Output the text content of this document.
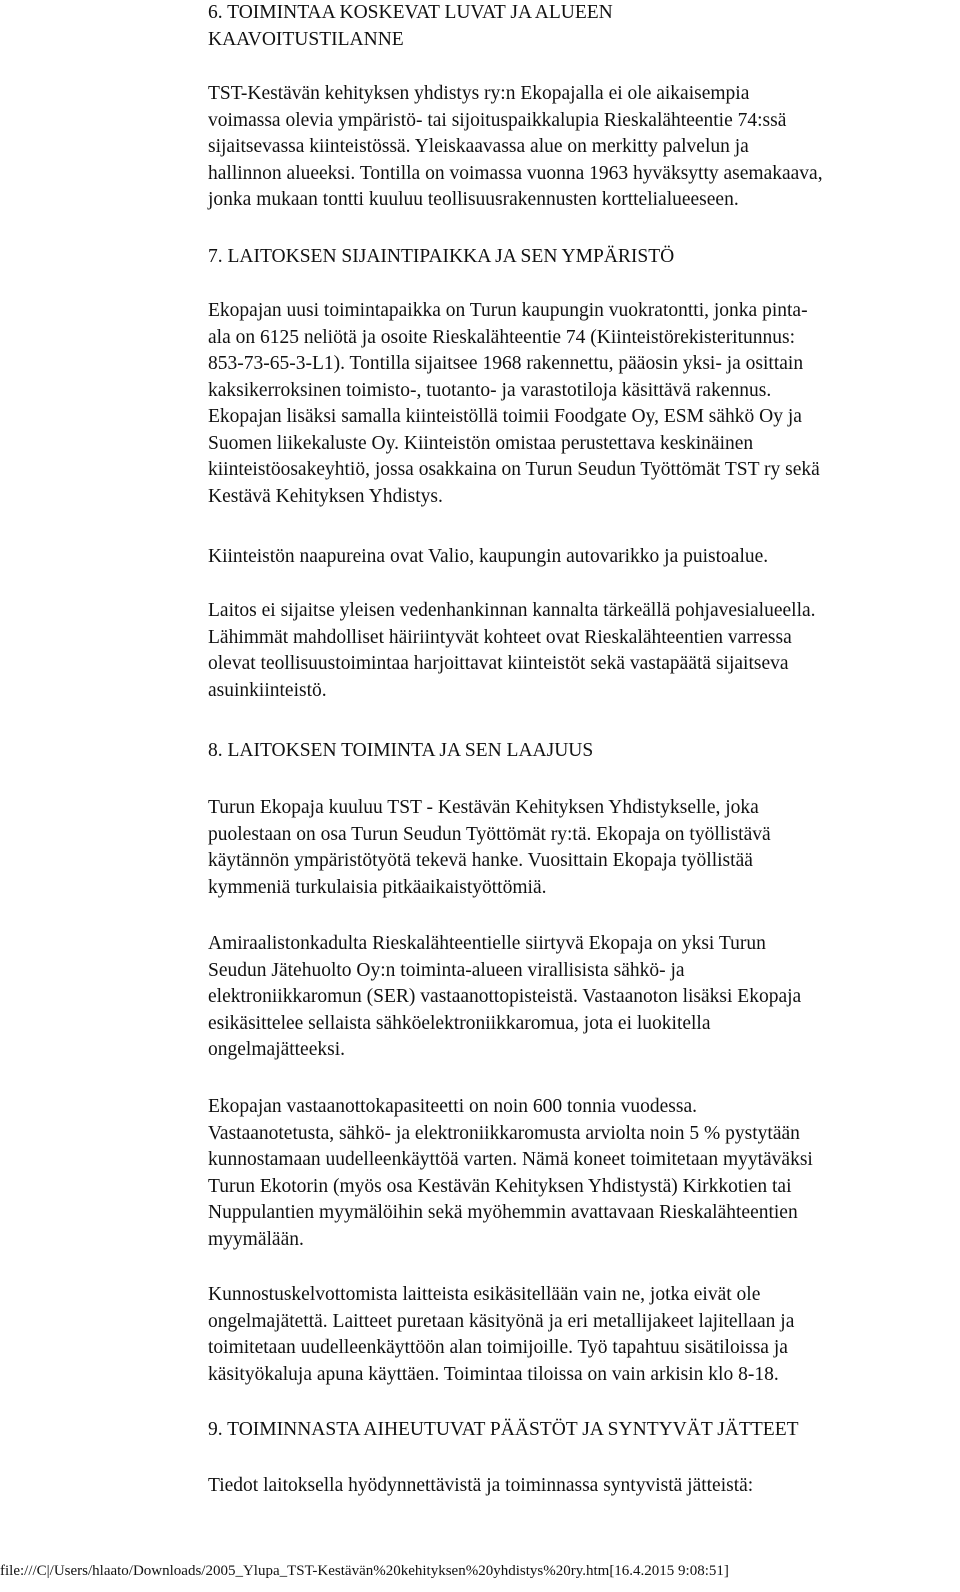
6. TOIMINTAA KOSKEVAT LUVAT JA ALUEEN
KAAVOITUSTILANNE

TST-Kestävän kehityksen yhdistys ry:n Ekopajalla ei ole aikaisempia
voimassa olevia ympäristö- tai sijoituspaikkalupia Rieskalähteentie 74:ssä
sijaitsevassa kiinteistössä. Yleiskaavassa alue on merkitty palvelun ja
hallinnon alueeksi. Tontilla on voimassa vuonna 1963 hyväksytty asemakaava,
jonka mukaan tontti kuuluu teollisuusrakennusten korttelialueeseen.

7. LAITOKSEN SIJAINTIPAIKKA JA SEN YMPÄRISTÖ

Ekopajan uusi toimintapaikka on Turun kaupungin vuokratontti, jonka pinta-
ala on 6125 neliötä ja osoite Rieskalähteentie 74 (Kiinteistörekisteritunnus:
853-73-65-3-L1). Tontilla sijaitsee 1968 rakennettu, pääosin yksi- ja osittain
kaksikerroksinen toimisto-, tuotanto- ja varastotiloja käsittävä rakennus.
Ekopajan lisäksi samalla kiinteistöllä toimii Foodgate Oy, ESM sähkö Oy ja
Suomen liikekaluste Oy. Kiinteistön omistaa perustettava keskinäinen
kiinteistöosakeyhtiö, jossa osakkaina on Turun Seudun Työttömät TST ry sekä
Kestävä Kehityksen Yhdistys.

Kiinteistön naapureina ovat Valio, kaupungin autovarikko ja puistoalue.

Laitos ei sijaitse yleisen vedenhankinnan kannalta tärkeällä pohjavesialueella.
Lähimmät mahdolliset häiriintyvät kohteet ovat Rieskalähteentien varressa
olevat teollisuustoimintaa harjoittavat kiinteistöt sekä vastapäätä sijaitseva
asuinkiinteistö.

8. LAITOKSEN TOIMINTA JA SEN LAAJUUS

Turun Ekopaja kuuluu TST - Kestävän Kehityksen Yhdistykselle, joka
puolestaan on osa Turun Seudun Työttömät ry:tä. Ekopaja on työllistävä
käytännön ympäristötyötä tekevä hanke. Vuosittain Ekopaja työllistää
kymmeniä turkulaisia pitkäaikaistyöttömiä.

Amiraalistonkadulta Rieskalähteentielle siirtyvä Ekopaja on yksi Turun
Seudun Jätehuolto Oy:n toiminta-alueen virallisista sähkö- ja
elektroniikkaromun (SER) vastaanottopisteistä. Vastaanoton lisäksi Ekopaja
esikäsittelee sellaista sähköelektroniikkaromua, jota ei luokitella
ongelmajätteeksi.

Ekopajan vastaanottokapasiteetti on noin 600 tonnia vuodessa.
Vastaanotetusta, sähkö- ja elektroniikkaromusta arviolta noin 5 % pystytään
kunnostamaan uudelleenkäyttöä varten. Nämä koneet toimitetaan myytäväksi
Turun Ekotorin (myös osa Kestävän Kehityksen Yhdistystä) Kirkkotien tai
Nuppulantien myymälöihin sekä myöhemmin avattavaan Rieskalähteentien
myymälään.

Kunnostuskelvottomista laitteista esikäsitellään vain ne, jotka eivät ole
ongelmajätettä. Laitteet puretaan käsityönä ja eri metallijakeet lajitellaan ja
toimitetaan uudelleenkäyttöön alan toimijoille. Työ tapahtuu sisätiloissa ja
käsityökaluja apuna käyttäen. Toimintaa tiloissa on vain arkisin klo 8-18.

9. TOIMINNASTA AIHEUTUVAT PÄÄSTÖT JA SYNTYVÄT JÄTTEET

Tiedot laitoksella hyödynnettävistä ja toiminnassa syntyvistä jätteistä:

file:///C|/Users/hlaato/Downloads/2005_Ylupa_TST-Kestävän%20kehityksen%20yhdistys%20ry.htm[16.4.2015 9:08:51]
